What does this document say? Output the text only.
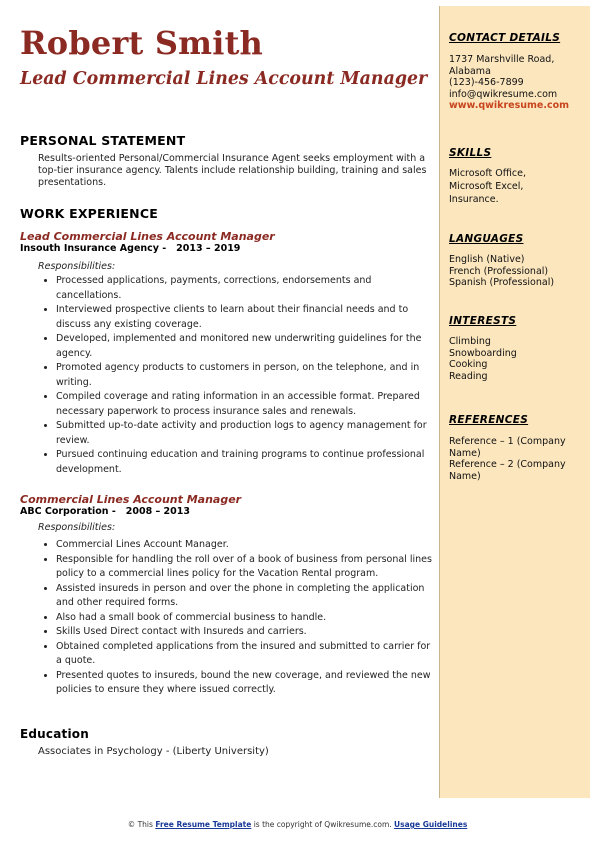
Robert Smith
Lead Commercial Lines Account Manager
PERSONAL STATEMENT
Results-oriented Personal/Commercial Insurance Agent seeks employment with a top-tier insurance agency. Talents include relationship building, training and sales presentations.
WORK EXPERIENCE
Lead Commercial Lines Account Manager
Insouth Insurance Agency -   2013 – 2019
Responsibilities:
• Processed applications, payments, corrections, endorsements and cancellations.
• Interviewed prospective clients to learn about their financial needs and to discuss any existing coverage.
• Developed, implemented and monitored new underwriting guidelines for the agency.
• Promoted agency products to customers in person, on the telephone, and in writing.
• Compiled coverage and rating information in an accessible format. Prepared necessary paperwork to process insurance sales and renewals.
• Submitted up-to-date activity and production logs to agency management for review.
• Pursued continuing education and training programs to continue professional development.
Commercial Lines Account Manager
ABC Corporation -   2008 – 2013
Responsibilities:
• Commercial Lines Account Manager.
• Responsible for handling the roll over of a book of business from personal lines policy to a commercial lines policy for the Vacation Rental program.
• Assisted insureds in person and over the phone in completing the application and other required forms.
• Also had a small book of commercial business to handle.
• Skills Used Direct contact with Insureds and carriers.
• Obtained completed applications from the insured and submitted to carrier for a quote.
• Presented quotes to insureds, bound the new coverage, and reviewed the new policies to ensure they where issued correctly.
Education
Associates in Psychology - (Liberty University)
CONTACT DETAILS
1737 Marshville Road,
Alabama
(123)-456-7899
info@qwikresume.com
www.qwikresume.com
SKILLS
Microsoft Office,
Microsoft Excel,
Insurance.
LANGUAGES
English (Native)
French (Professional)
Spanish (Professional)
INTERESTS
Climbing
Snowboarding
Cooking
Reading
REFERENCES
Reference – 1 (Company Name)
Reference – 2 (Company Name)
© This Free Resume Template is the copyright of Qwikresume.com. Usage Guidelines
